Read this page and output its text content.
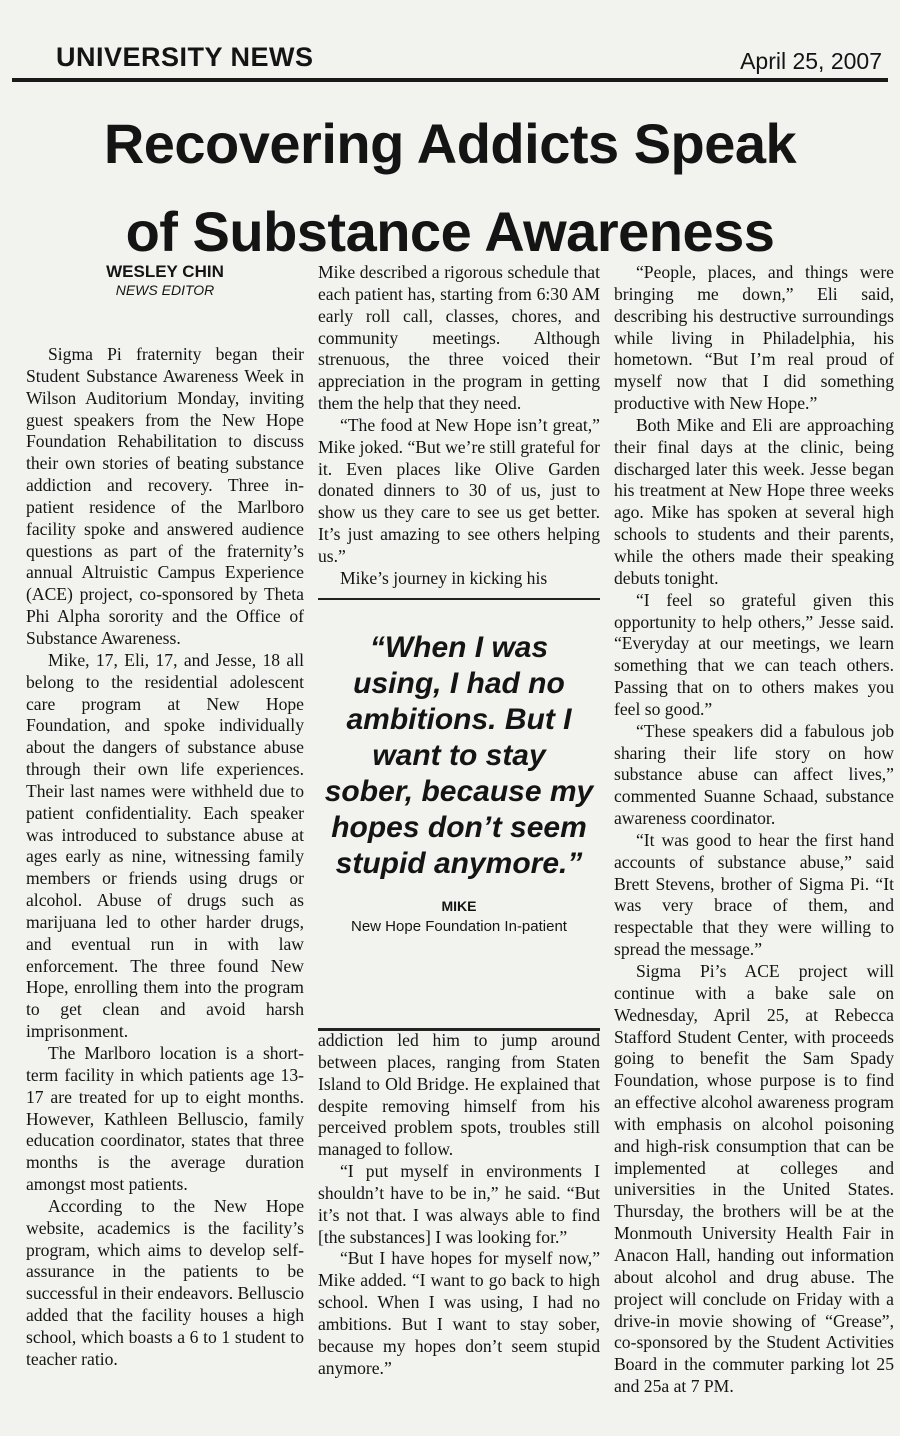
UNIVERSITY NEWS	April 25, 2007
Recovering Addicts Speak
of Substance Awareness
WESLEY CHIN
NEWS EDITOR

Sigma Pi fraternity began their Student Substance Awareness Week in Wilson Auditorium Monday, inviting guest speakers from the New Hope Foundation Rehabilitation to discuss their own stories of beating substance addiction and recovery. Three in-patient residence of the Marlboro facility spoke and answered audience questions as part of the fraternity’s annual Altruistic Campus Experience (ACE) project, co-sponsored by Theta Phi Alpha sorority and the Office of Substance Awareness.

Mike, 17, Eli, 17, and Jesse, 18 all belong to the residential adolescent care program at New Hope Foundation, and spoke individually about the dangers of substance abuse through their own life experiences. Their last names were withheld due to patient confidentiality. Each speaker was introduced to substance abuse at ages early as nine, witnessing family members or friends using drugs or alcohol. Abuse of drugs such as marijuana led to other harder drugs, and eventual run in with law enforcement. The three found New Hope, enrolling them into the program to get clean and avoid harsh imprisonment.

The Marlboro location is a short-term facility in which patients age 13-17 are treated for up to eight months. However, Kathleen Belluscio, family education coordinator, states that three months is the average duration amongst most patients.

According to the New Hope website, academics is the facility’s program, which aims to develop self-assurance in the patients to be successful in their endeavors. Belluscio added that the facility houses a high school, which boasts a 6 to 1 student to teacher ratio.

Mike described a rigorous schedule that each patient has, starting from 6:30 AM early roll call, classes, chores, and community meetings. Although strenuous, the three voiced their appreciation in the program in getting them the help that they need.

“The food at New Hope isn’t great,” Mike joked. “But we’re still grateful for it. Even places like Olive Garden donated dinners to 30 of us, just to show us they care to see us get better. It’s just amazing to see others helping us.”

Mike’s journey in kicking his

“When I was using, I had no ambitions. But I want to stay sober, because my hopes don’t seem stupid anymore.”
MIKE
New Hope Foundation In-patient

addiction led him to jump around between places, ranging from Staten Island to Old Bridge. He explained that despite removing himself from his perceived problem spots, troubles still managed to follow.

“I put myself in environments I shouldn’t have to be in,” he said. “But it’s not that. I was always able to find [the substances] I was looking for.”

“But I have hopes for myself now,” Mike added. “I want to go back to high school. When I was using, I had no ambitions. But I want to stay sober, because my hopes don’t seem stupid anymore.”

“People, places, and things were bringing me down,” Eli said, describing his destructive surroundings while living in Philadelphia, his hometown. “But I’m real proud of myself now that I did something productive with New Hope.”

Both Mike and Eli are approaching their final days at the clinic, being discharged later this week. Jesse began his treatment at New Hope three weeks ago. Mike has spoken at several high schools to students and their parents, while the others made their speaking debuts tonight.

“I feel so grateful given this opportunity to help others,” Jesse said. “Everyday at our meetings, we learn something that we can teach others. Passing that on to others makes you feel so good.”

“These speakers did a fabulous job sharing their life story on how substance abuse can affect lives,” commented Suanne Schaad, substance awareness coordinator.

“It was good to hear the first hand accounts of substance abuse,” said Brett Stevens, brother of Sigma Pi. “It was very brace of them, and respectable that they were willing to spread the message.”

Sigma Pi’s ACE project will continue with a bake sale on Wednesday, April 25, at Rebecca Stafford Student Center, with proceeds going to benefit the Sam Spady Foundation, whose purpose is to find an effective alcohol awareness program with emphasis on alcohol poisoning and high-risk consumption that can be implemented at colleges and universities in the United States. Thursday, the brothers will be at the Monmouth University Health Fair in Anacon Hall, handing out information about alcohol and drug abuse. The project will conclude on Friday with a drive-in movie showing of “Grease”, co-sponsored by the Student Activities Board in the commuter parking lot 25 and 25a at 7 PM.
